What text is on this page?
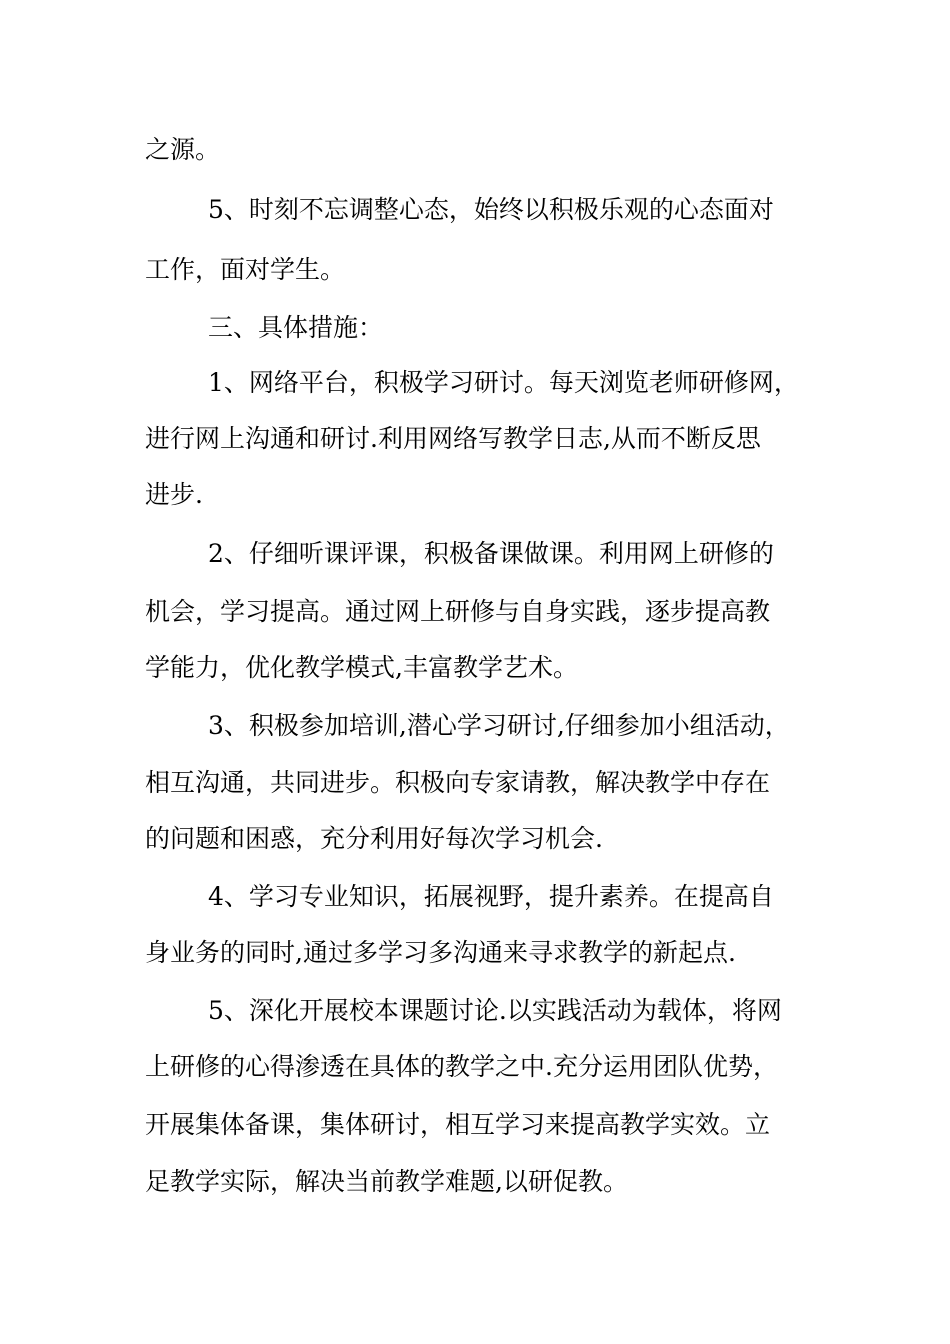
之源。
5、时刻不忘调整心态，始终以积极乐观的心态面对
工作，面对学生。
三、具体措施：
1、网络平台，积极学习研讨。每天浏览老师研修网，
进行网上沟通和研讨.利用网络写教学日志,从而不断反思
进步.
2、仔细听课评课，积极备课做课。利用网上研修的
机会，学习提高。通过网上研修与自身实践，逐步提高教
学能力，优化教学模式,丰富教学艺术。
3、积极参加培训,潜心学习研讨,仔细参加小组活动，
相互沟通，共同进步。积极向专家请教，解决教学中存在
的问题和困惑，充分利用好每次学习机会.
4、学习专业知识，拓展视野，提升素养。在提高自
身业务的同时,通过多学习多沟通来寻求教学的新起点.
5、深化开展校本课题讨论.以实践活动为载体，将网
上研修的心得渗透在具体的教学之中.充分运用团队优势，
开展集体备课，集体研讨，相互学习来提高教学实效。立
足教学实际，解决当前教学难题,以研促教。
